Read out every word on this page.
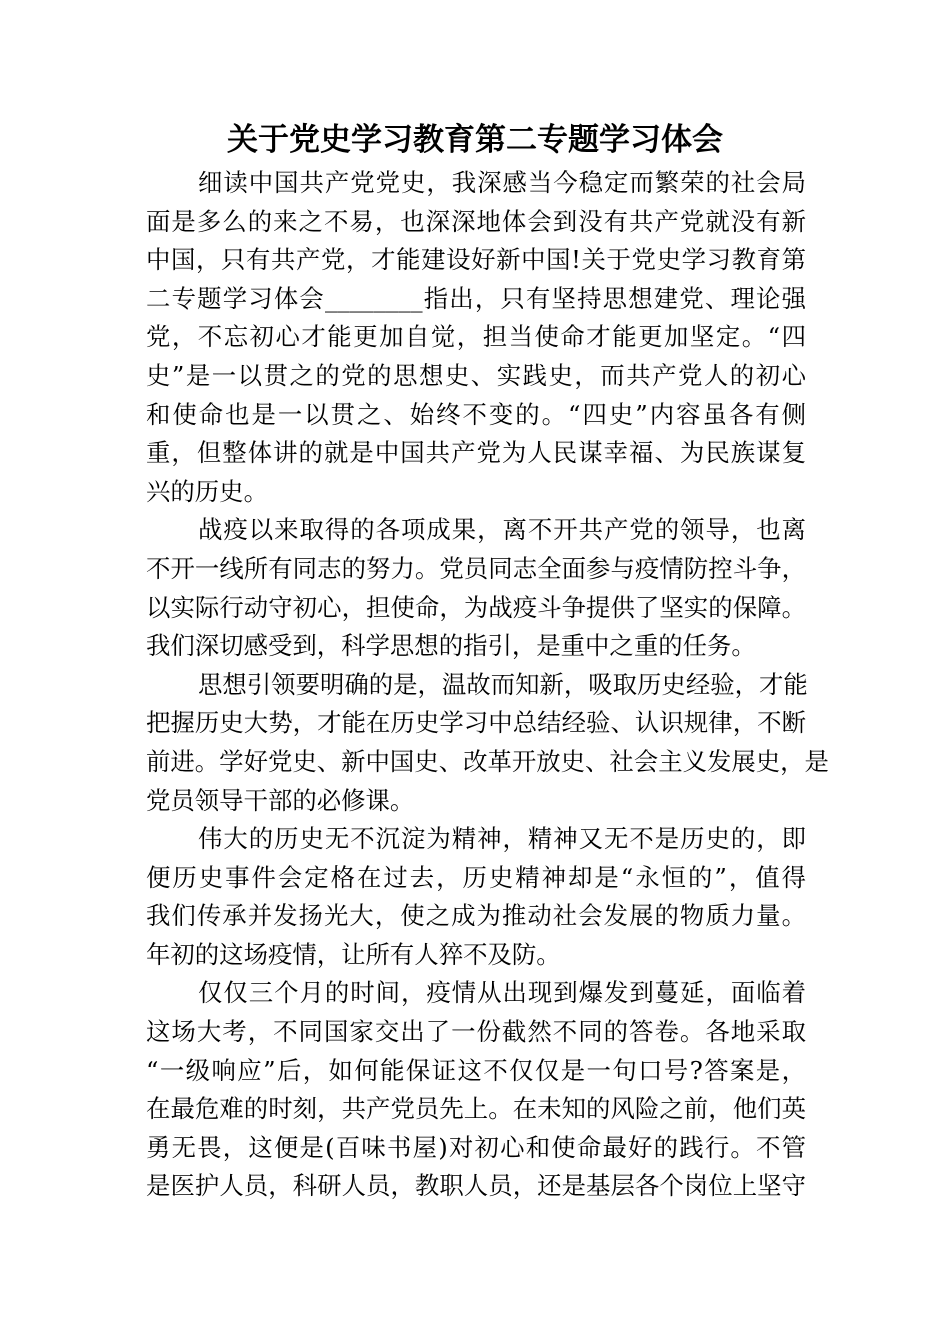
关于党史学习教育第二专题学习体会
细读中国共产党党史，我深感当今稳定而繁荣的社会局
面是多么的来之不易，也深深地体会到没有共产党就没有新
中国，只有共产党，才能建设好新中国!关于党史学习教育第
二专题学习体会________指出，只有坚持思想建党、理论强
党，不忘初心才能更加自觉，担当使命才能更加坚定。“四
史”是一以贯之的党的思想史、实践史，而共产党人的初心
和使命也是一以贯之、始终不变的。“四史”内容虽各有侧
重，但整体讲的就是中国共产党为人民谋幸福、为民族谋复
兴的历史。
战疫以来取得的各项成果，离不开共产党的领导，也离
不开一线所有同志的努力。党员同志全面参与疫情防控斗争，
以实际行动守初心，担使命，为战疫斗争提供了坚实的保障。
我们深切感受到，科学思想的指引，是重中之重的任务。
思想引领要明确的是，温故而知新，吸取历史经验，才能
把握历史大势，才能在历史学习中总结经验、认识规律，不断
前进。学好党史、新中国史、改革开放史、社会主义发展史，是
党员领导干部的必修课。
伟大的历史无不沉淀为精神，精神又无不是历史的，即
便历史事件会定格在过去，历史精神却是“永恒的”，值得
我们传承并发扬光大，使之成为推动社会发展的物质力量。
年初的这场疫情，让所有人猝不及防。
仅仅三个月的时间，疫情从出现到爆发到蔓延，面临着
这场大考，不同国家交出了一份截然不同的答卷。各地采取
“一级响应”后，如何能保证这不仅仅是一句口号?答案是，
在最危难的时刻，共产党员先上。在未知的风险之前，他们英
勇无畏，这便是(百味书屋)对初心和使命最好的践行。不管
是医护人员，科研人员，教职人员，还是基层各个岗位上坚守
